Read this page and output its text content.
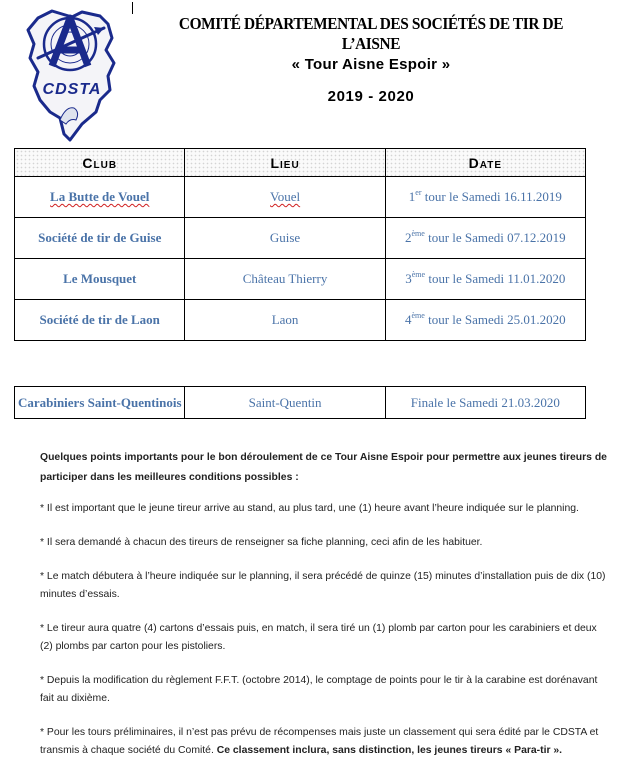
CDSTA
COMITÉ DÉPARTEMENTAL DES SOCIÉTÉS DE TIR DE L’AISNE
« Tour Aisne Espoir »
2019 - 2020
Club	Lieu	Date
La Butte de Vouel	Vouel	1er tour le Samedi 16.11.2019
Société de tir de Guise	Guise	2ème tour le Samedi 07.12.2019
Le Mousquet	Château Thierry	3ème tour le Samedi 11.01.2020
Société de tir de Laon	Laon	4ème tour le Samedi 25.01.2020
Carabiniers Saint-Quentinois	Saint-Quentin	Finale le Samedi 21.03.2020

Quelques points importants pour le bon déroulement de ce Tour Aisne Espoir pour permettre aux jeunes tireurs de participer dans les meilleures conditions possibles :

* Il est important que le jeune tireur arrive au stand, au plus tard, une (1) heure avant l’heure indiquée sur le planning.

* Il sera demandé à chacun des tireurs de renseigner sa fiche planning, ceci afin de les habituer.

* Le match débutera à l’heure indiquée sur le planning, il sera précédé de quinze (15) minutes d’installation puis de dix (10) minutes d’essais.

* Le tireur aura quatre (4) cartons d’essais puis, en match, il sera tiré un (1) plomb par carton pour les carabiniers et deux (2) plombs par carton pour les pistoliers.

* Depuis la modification du règlement F.F.T. (octobre 2014), le comptage de points pour le tir à la carabine est dorénavant fait au dixième.

* Pour les tours préliminaires, il n’est pas prévu de récompenses mais juste un classement qui sera édité par le CDSTA et transmis à chaque société du Comité. Ce classement inclura, sans distinction, les jeunes tireurs « Para-tir ».
